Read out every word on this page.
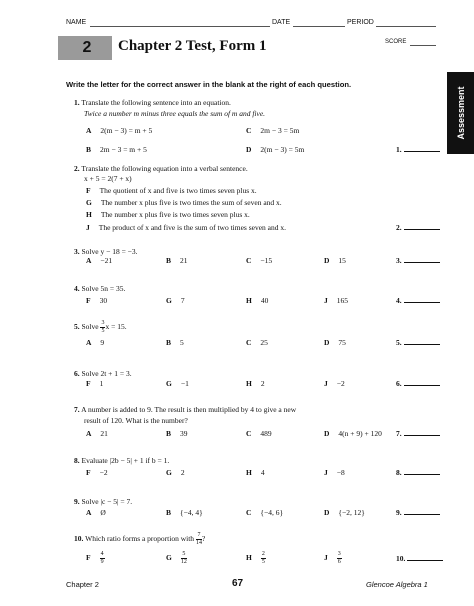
NAME	DATE	PERIOD
2	Chapter 2 Test, Form 1	SCORE
Assessment
Write the letter for the correct answer in the blank at the right of each question.
1. Translate the following sentence into an equation.
Twice a number m minus three equals the sum of m and five.
A 2(m − 3) = m + 5	C 2m − 3 = 5m
B 2m − 3 = m + 5	D 2(m − 3) = 5m	1.
2. Translate the following equation into a verbal sentence.
x + 5 = 2(7 + x)
F The quotient of x and five is two times seven plus x.
G The number x plus five is two times the sum of seven and x.
H The number x plus five is two times seven plus x.
J The product of x and five is the sum of two times seven and x.	2.
3. Solve y − 18 = −3.
A −21	B 21	C −15	D 15	3.
4. Solve 5n = 35.
F 30	G 7	H 40	J 165	4.
5. Solve $\frac{3}{5}$ x = 15.
A 9	B 5	C 25	D 75	5.
6. Solve 2t + 1 = 3.
F 1	G −1	H 2	J −2	6.
7. A number is added to 9. The result is then multiplied by 4 to give a new
result of 120. What is the number?
A 21	B 39	C 489	D 4(n + 9) + 120 7.
8. Evaluate |2b − 5| + 1 if b = 1.
F −2	G 2	H 4	J −8	8.
9. Solve |c − 5| = 7.
A Ø	B {−4, 4}	C {−4, 6}	D {−2, 12}	9.
10. Which ratio forms a proportion with $\frac{7}{14}$ ?
F $\frac{4}{9}$	G $\frac{5}{12}$	H $\frac{2}{5}$	J $\frac{3}{6}$	10.
Chapter 2	67	Glencoe Algebra 1
